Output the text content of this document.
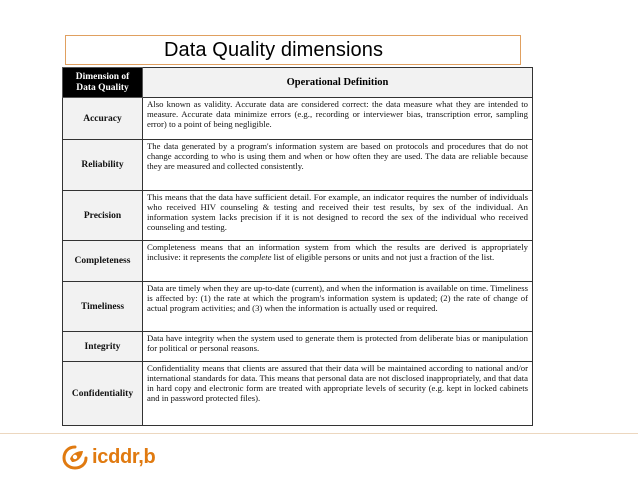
Data Quality dimensions
Dimension of Data Quality	Operational Definition
Accuracy	Also known as validity. Accurate data are considered correct: the data measure what they are intended to measure. Accurate data minimize errors (e.g., recording or interviewer bias, transcription error, sampling error) to a point of being negligible.
Reliability	The data generated by a program's information system are based on protocols and procedures that do not change according to who is using them and when or how often they are used. The data are reliable because they are measured and collected consistently.
Precision	This means that the data have sufficient detail. For example, an indicator requires the number of individuals who received HIV counseling & testing and received their test results, by sex of the individual. An information system lacks precision if it is not designed to record the sex of the individual who received counseling and testing.
Completeness	Completeness means that an information system from which the results are derived is appropriately inclusive: it represents the complete list of eligible persons or units and not just a fraction of the list.
Timeliness	Data are timely when they are up-to-date (current), and when the information is available on time. Timeliness is affected by: (1) the rate at which the program's information system is updated; (2) the rate of change of actual program activities; and (3) when the information is actually used or required.
Integrity	Data have integrity when the system used to generate them is protected from deliberate bias or manipulation for political or personal reasons.
Confidentiality	Confidentiality means that clients are assured that their data will be maintained according to national and/or international standards for data. This means that personal data are not disclosed inappropriately, and that data in hard copy and electronic form are treated with appropriate levels of security (e.g. kept in locked cabinets and in password protected files).
icddr,b
